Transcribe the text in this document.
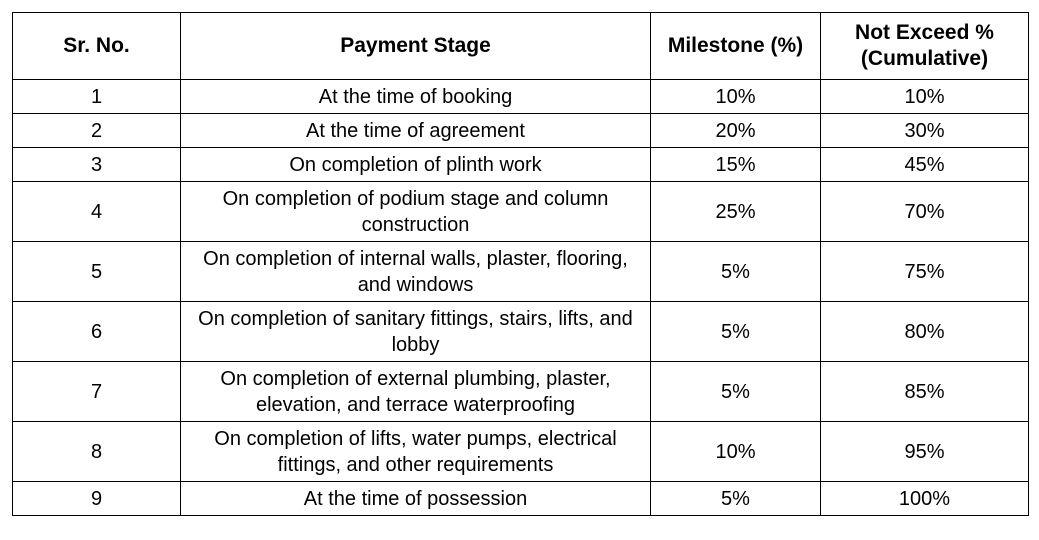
Sr. No.	Payment Stage	Milestone (%)	Not Exceed % (Cumulative)
1	At the time of booking	10%	10%
2	At the time of agreement	20%	30%
3	On completion of plinth work	15%	45%
4	On completion of podium stage and column construction	25%	70%
5	On completion of internal walls, plaster, flooring, and windows	5%	75%
6	On completion of sanitary fittings, stairs, lifts, and lobby	5%	80%
7	On completion of external plumbing, plaster, elevation, and terrace waterproofing	5%	85%
8	On completion of lifts, water pumps, electrical fittings, and other requirements	10%	95%
9	At the time of possession	5%	100%
